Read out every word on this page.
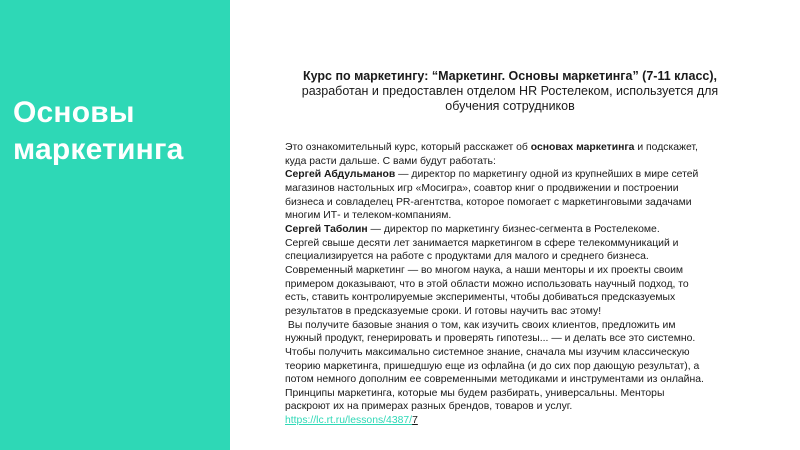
Основы маркетинга
Курс по маркетингу: “Маркетинг. Основы маркетинга” (7-11 класс),
разработан и предоставлен отделом HR Ростелеком, используется для
обучения сотрудников
Это ознакомительный курс, который расскажет об основах маркетинга и подскажет,
куда расти дальше. С вами будут работать:
Сергей Абдульманов — директор по маркетингу одной из крупнейших в мире сетей
магазинов настольных игр «Мосигра», соавтор книг о продвижении и построении
бизнеса и совладелец PR-агентства, которое помогает с маркетинговыми задачами
многим ИТ- и телеком-компаниям.
Сергей Таболин — директор по маркетингу бизнес-сегмента в Ростелекоме.
Сергей свыше десяти лет занимается маркетингом в сфере телекоммуникаций и
специализируется на работе с продуктами для малого и среднего бизнеса.
Современный маркетинг — во многом наука, а наши менторы и их проекты своим
примером доказывают, что в этой области можно использовать научный подход, то
есть, ставить контролируемые эксперименты, чтобы добиваться предсказуемых
результатов в предсказуемые сроки. И готовы научить вас этому!
Вы получите базовые знания о том, как изучить своих клиентов, предложить им
нужный продукт, генерировать и проверять гипотезы... — и делать все это системно.
Чтобы получить максимально системное знание, сначала мы изучим классическую
теорию маркетинга, пришедшую еще из офлайна (и до сих пор дающую результат), а
потом немного дополним ее современными методиками и инструментами из онлайна.
Принципы маркетинга, которые мы будем разбирать, универсальны. Менторы
раскроют их на примерах разных брендов, товаров и услуг.
https://lc.rt.ru/lessons/4387/7
